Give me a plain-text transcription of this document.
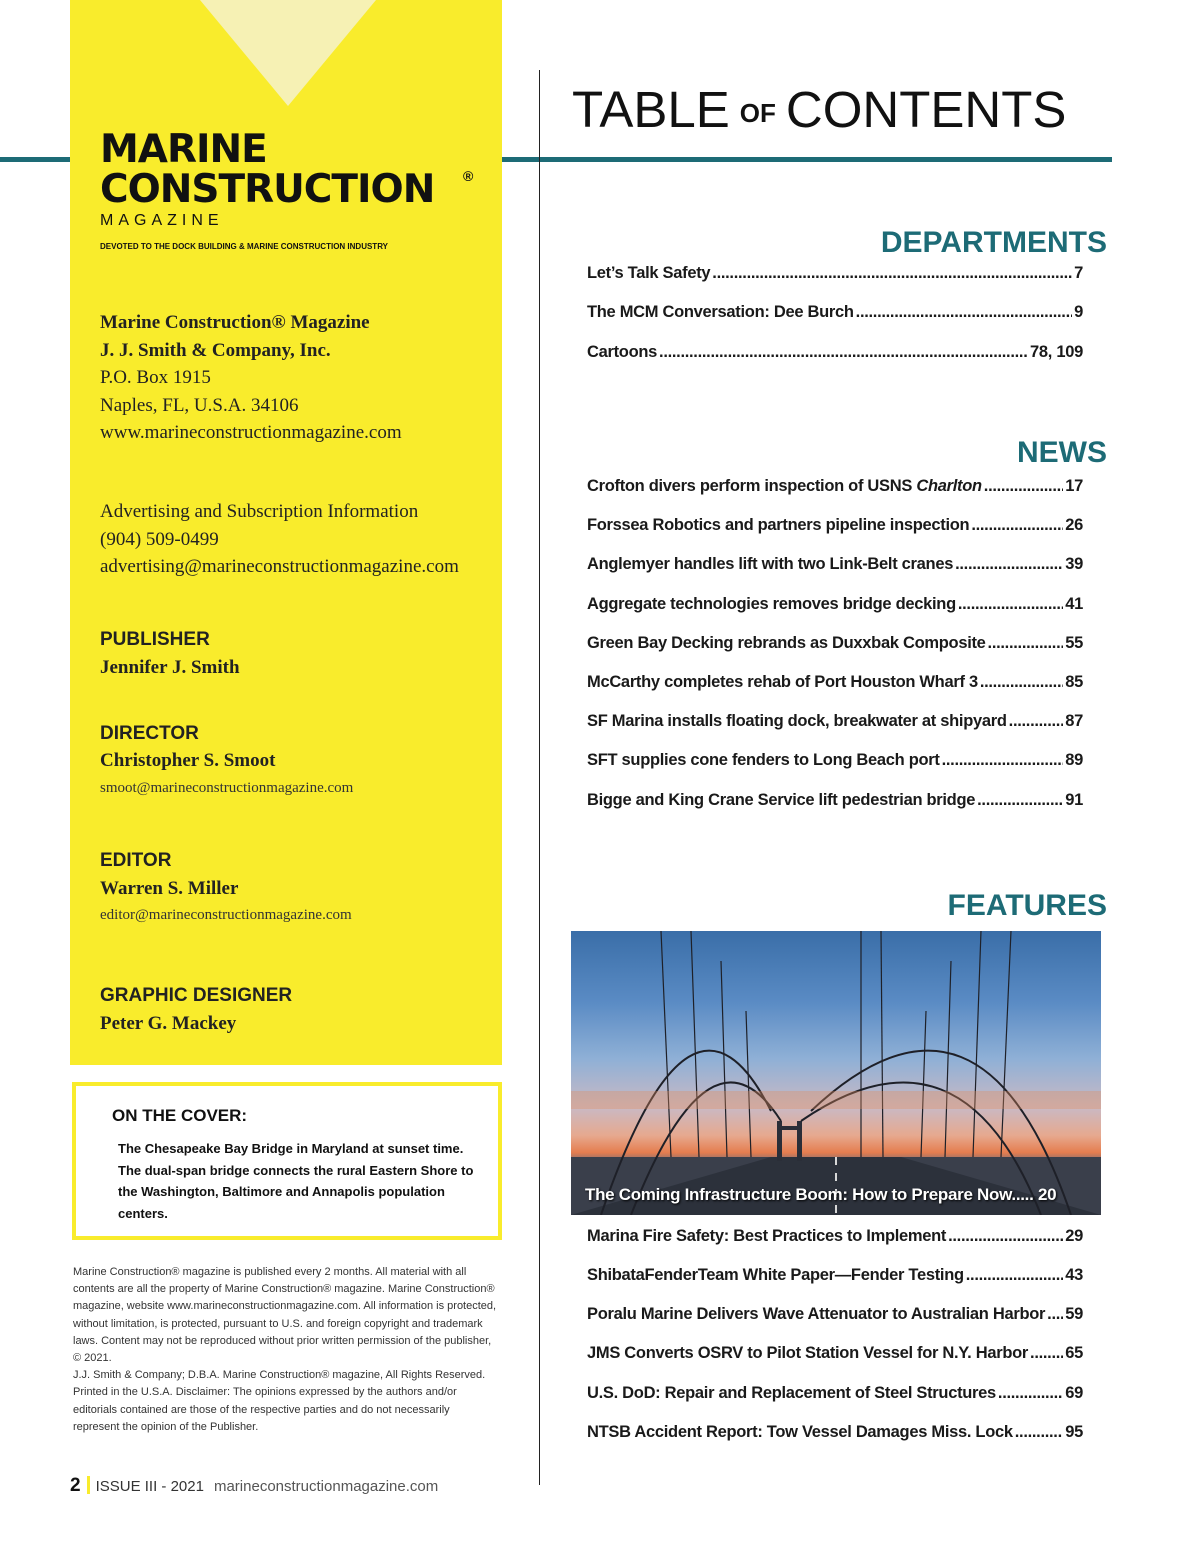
MARINE
CONSTRUCTION ®
MAGAZINE
DEVOTED TO THE DOCK BUILDING & MARINE CONSTRUCTION INDUSTRY
Marine Construction® Magazine
J. J. Smith & Company, Inc.
P.O. Box 1915
Naples, FL, U.S.A. 34106
www.marineconstructionmagazine.com
Advertising and Subscription Information
(904) 509-0499
advertising@marineconstructionmagazine.com
PUBLISHER
Jennifer J. Smith
DIRECTOR
Christopher S. Smoot
smoot@marineconstructionmagazine.com
EDITOR
Warren S. Miller
editor@marineconstructionmagazine.com
GRAPHIC DESIGNER
Peter G. Mackey
ON THE COVER:
The Chesapeake Bay Bridge in Maryland at sunset time. The dual-span bridge connects the rural Eastern Shore to the Washington, Baltimore and Annapolis population centers.

Marine Construction® magazine is published every 2 months. All material with all contents are all the property of Marine Construction® magazine. Marine Construction® magazine, website www.marineconstructionmagazine.com. All information is protected, without limitation, is protected, pursuant to U.S. and foreign copyright and trademark laws. Content may not be reproduced without prior written permission of the publisher, © 2021.

J.J. Smith & Company; D.B.A. Marine Construction® magazine, All Rights Reserved. Printed in the U.S.A. Disclaimer: The opinions expressed by the authors and/or editorials contained are those of the respective parties and do not necessarily represent the opinion of the Publisher.

2 ISSUE III - 2021 marineconstructionmagazine.com
TABLE OF CONTENTS
DEPARTMENTS
Let’s Talk Safety .....	7
The MCM Conversation: Dee Burch .....	9
Cartoons .....	78, 109
NEWS
Crofton divers perform inspection of USNS Charlton .....	17
Forssea Robotics and partners pipeline inspection .....	26
Anglemyer handles lift with two Link-Belt cranes .....	39
Aggregate technologies removes bridge decking .....	41
Green Bay Decking rebrands as Duxxbak Composite .....	55
McCarthy completes rehab of Port Houston Wharf 3 .....	85
SF Marina installs floating dock, breakwater at shipyard .....	87
SFT supplies cone fenders to Long Beach port .....	89
Bigge and King Crane Service lift pedestrian bridge .....	91
FEATURES
The Coming Infrastructure Boom: How to Prepare Now..... 20
Marina Fire Safety: Best Practices to Implement .....	29
ShibataFenderTeam White Paper—Fender Testing .....	43
Poralu Marine Delivers Wave Attenuator to Australian Harbor ..... 59
JMS Converts OSRV to Pilot Station Vessel for N.Y. Harbor ..... 65
U.S. DoD: Repair and Replacement of Steel Structures .....	69
NTSB Accident Report: Tow Vessel Damages Miss. Lock .....	95
